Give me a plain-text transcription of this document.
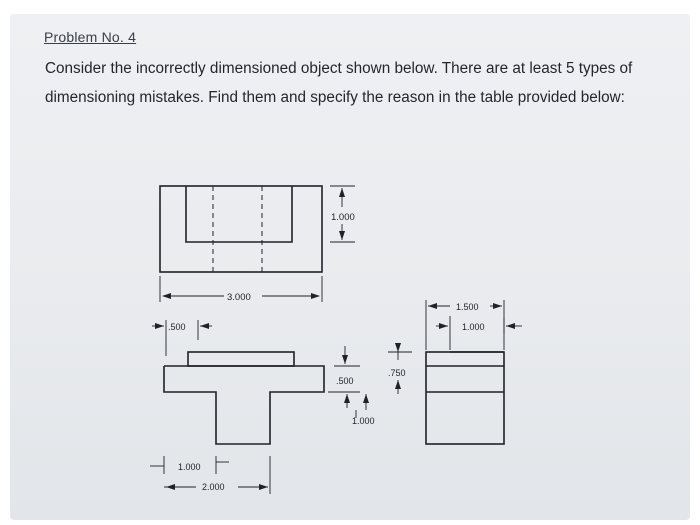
Problem No. 4
Consider the incorrectly dimensioned object shown below. There are at least 5 types of dimensioning mistakes. Find them and specify the reason in the table provided below:
1.000
3.000
.500
.500
.750
1.000
1.000
2.000
1.500
1.000
